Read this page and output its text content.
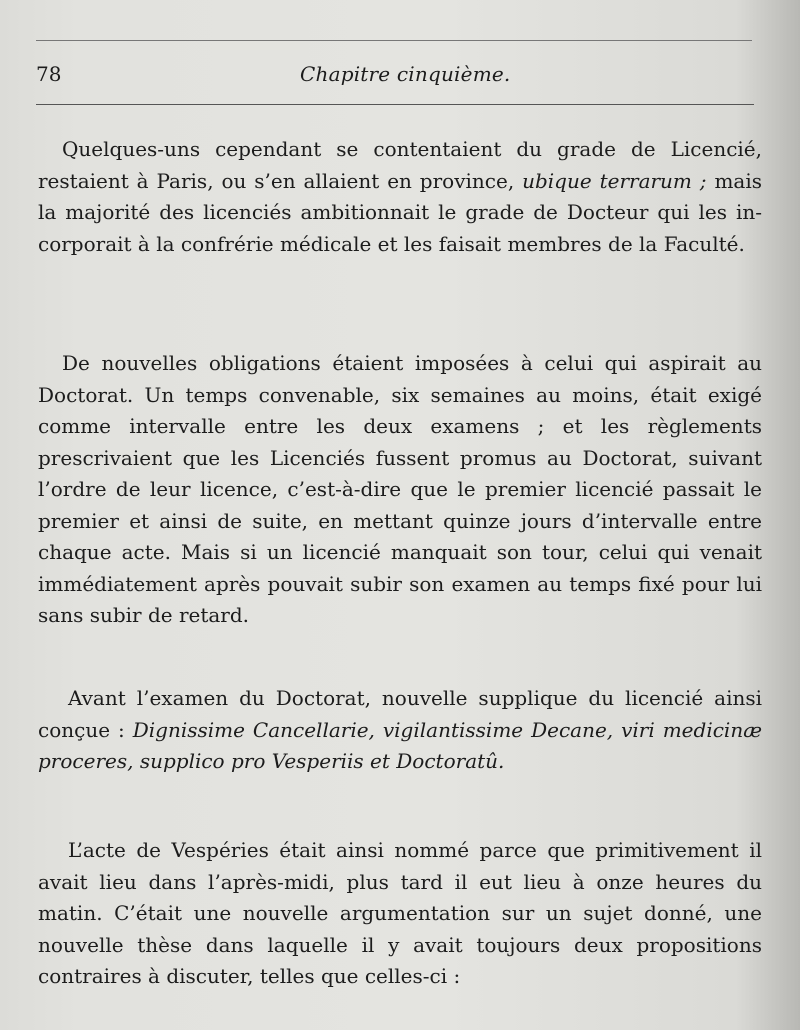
78	Chapitre cinquième.

Quelques-uns cependant se contentaient du grade de Licencié, restaient à Paris, ou s’en allaient en province, ubique terrarum ; mais la majorité des licenciés ambitionnait le grade de Docteur qui les incorporait à la confrérie médicale et les faisait membres de la Faculté.

De nouvelles obligations étaient imposées à celui qui aspirait au Doctorat. Un temps convenable, six semaines au moins, était exigé comme intervalle entre les deux examens ; et les règlements prescrivaient que les Licenciés fussent promus au Doctorat, suivant l’ordre de leur licence, c’est-à-dire que le premier licencié passait le premier et ainsi de suite, en mettant quinze jours d’intervalle entre chaque acte. Mais si un licencié manquait son tour, celui qui venait immédiatement après pouvait subir son examen au temps fixé pour lui sans subir de retard.

Avant l’examen du Doctorat, nouvelle supplique du licencié ainsi conçue : Dignissime Cancellarie, vigilantissime Decane, viri medicinæ proceres, supplico pro Vesperiis et Doctoratû.

L’acte de Vespéries était ainsi nommé parce que primitivement il avait lieu dans l’après-midi, plus tard il eut lieu à onze heures du matin. C’était une nouvelle argumentation sur un sujet donné, une nouvelle thèse dans laquelle il y avait toujours deux propositions contraires à discuter, telles que celles-ci :
